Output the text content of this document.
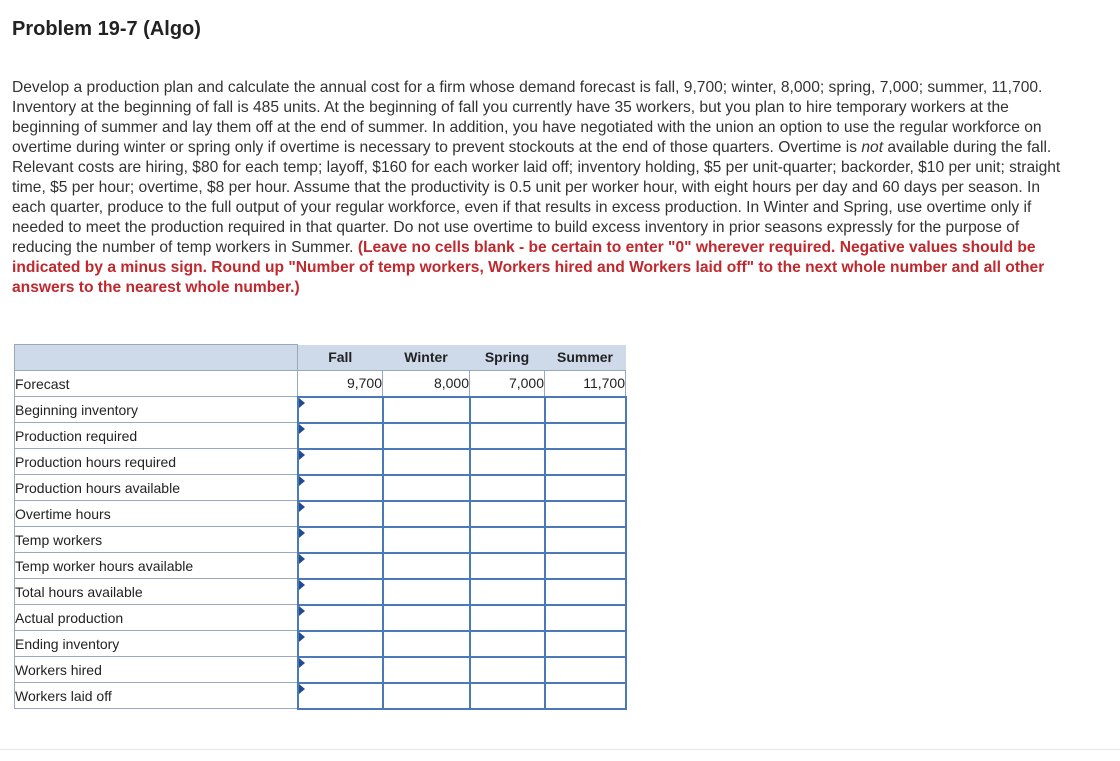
Problem 19-7 (Algo)
Develop a production plan and calculate the annual cost for a firm whose demand forecast is fall, 9,700; winter, 8,000; spring, 7,000; summer, 11,700. Inventory at the beginning of fall is 485 units. At the beginning of fall you currently have 35 workers, but you plan to hire temporary workers at the beginning of summer and lay them off at the end of summer. In addition, you have negotiated with the union an option to use the regular workforce on overtime during winter or spring only if overtime is necessary to prevent stockouts at the end of those quarters. Overtime is not available during the fall. Relevant costs are hiring, $80 for each temp; layoff, $160 for each worker laid off; inventory holding, $5 per unit-quarter; backorder, $10 per unit; straight time, $5 per hour; overtime, $8 per hour. Assume that the productivity is 0.5 unit per worker hour, with eight hours per day and 60 days per season. In each quarter, produce to the full output of your regular workforce, even if that results in excess production. In Winter and Spring, use overtime only if needed to meet the production required in that quarter. Do not use overtime to build excess inventory in prior seasons expressly for the purpose of reducing the number of temp workers in Summer. (Leave no cells blank - be certain to enter "0" wherever required. Negative values should be indicated by a minus sign. Round up "Number of temp workers, Workers hired and Workers laid off" to the next whole number and all other answers to the nearest whole number.)
	Fall	Winter	Spring	Summer
Forecast	9,700	8,000	7,000	11,700
Beginning inventory				
Production required				
Production hours required				
Production hours available				
Overtime hours				
Temp workers				
Temp worker hours available				
Total hours available				
Actual production				
Ending inventory				
Workers hired				
Workers laid off				
